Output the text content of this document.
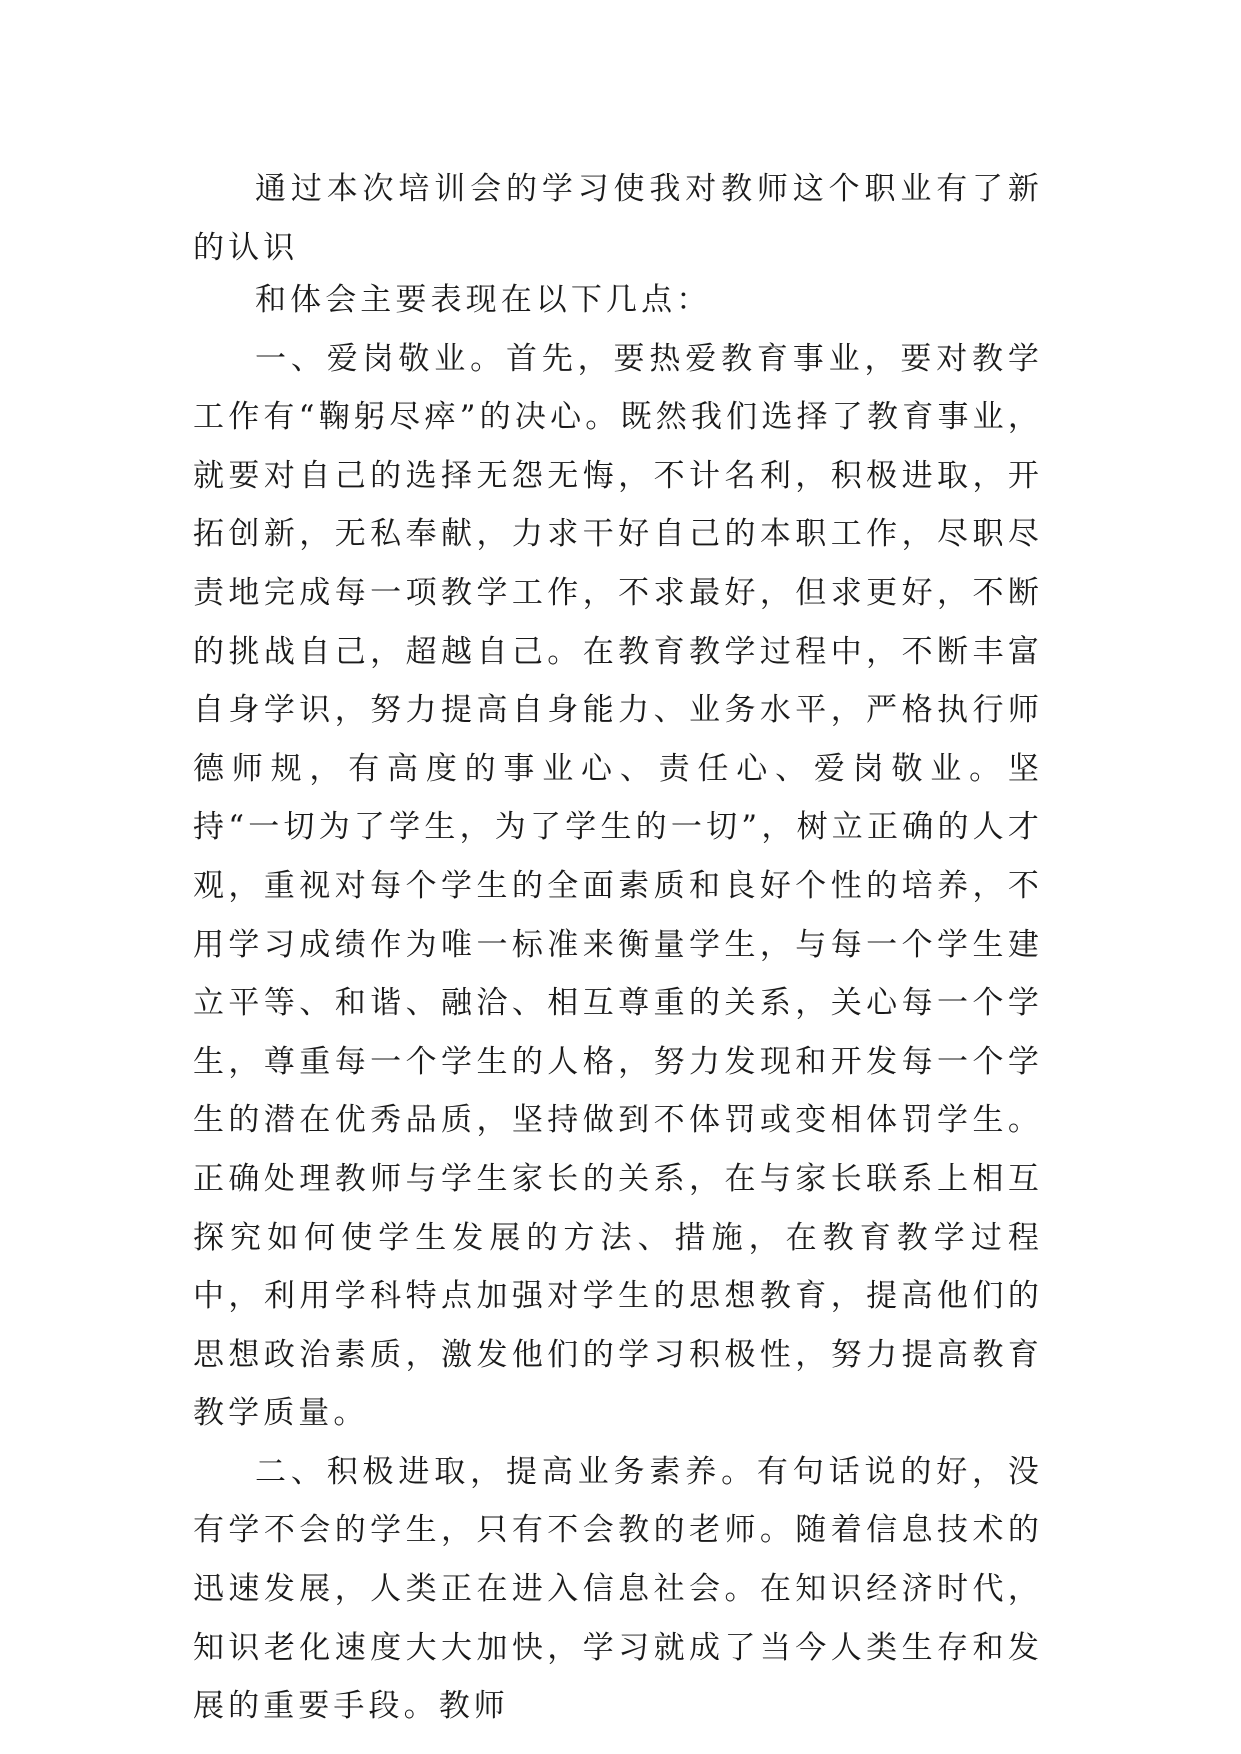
通过本次培训会的学习使我对教师这个职业有了新的认识

和体会主要表现在以下几点：

一、爱岗敬业。首先，要热爱教育事业，要对教学工作有“鞠躬尽瘁”的决心。既然我们选择了教育事业，就要对自己的选择无怨无悔，不计名利，积极进取，开拓创新，无私奉献，力求干好自己的本职工作，尽职尽责地完成每一项教学工作，不求最好，但求更好，不断的挑战自己，超越自己。在教育教学过程中，不断丰富自身学识，努力提高自身能力、业务水平，严格执行师德师规，有高度的事业心、责任心、爱岗敬业。坚持“一切为了学生，为了学生的一切”，树立正确的人才观，重视对每个学生的全面素质和良好个性的培养，不用学习成绩作为唯一标准来衡量学生，与每一个学生建立平等、和谐、融洽、相互尊重的关系，关心每一个学生，尊重每一个学生的人格，努力发现和开发每一个学生的潜在优秀品质，坚持做到不体罚或变相体罚学生。正确处理教师与学生家长的关系，在与家长联系上相互探究如何使学生发展的方法、措施，在教育教学过程中，利用学科特点加强对学生的思想教育，提高他们的思想政治素质，激发他们的学习积极性，努力提高教育教学质量。

二、积极进取，提高业务素养。有句话说的好，没有学不会的学生，只有不会教的老师。随着信息技术的迅速发展，人类正在进入信息社会。在知识经济时代，知识老化速度大大加快，学习就成了当今人类生存和发展的重要手段。教师
